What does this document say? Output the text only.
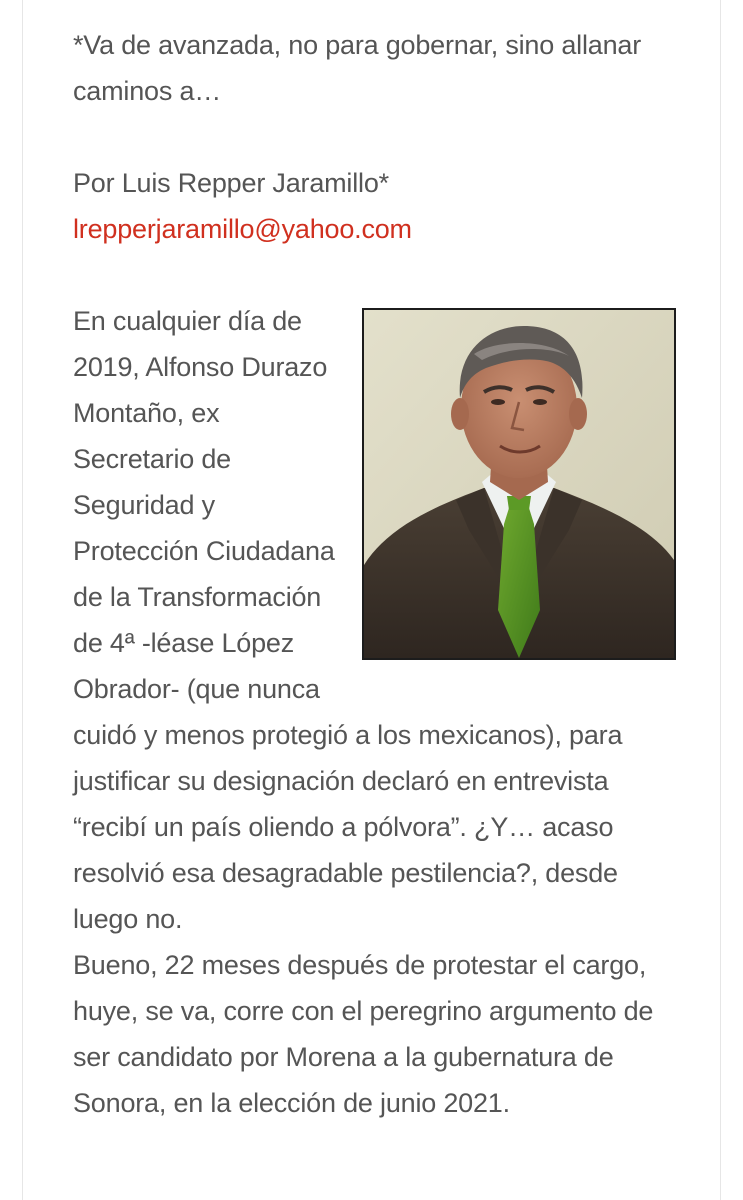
*Va de avanzada, no para gobernar, sino allanar caminos a…

Por Luis Repper Jaramillo*

lrepperjaramillo@yahoo.com

En cualquier día de 2019, Alfonso Durazo Montaño, ex Secretario de Seguridad y Protección Ciudadana de la Transformación de 4ª -léase López Obrador- (que nunca cuidó y menos protegió a los mexicanos), para justificar su designación declaró en entrevista “recibí un país oliendo a pólvora”. ¿Y… acaso resolvió esa desagradable pestilencia?, desde luego no.

Bueno, 22 meses después de protestar el cargo, huye, se va, corre con el peregrino argumento de ser candidato por Morena a la gubernatura de Sonora, en la elección de junio 2021.
